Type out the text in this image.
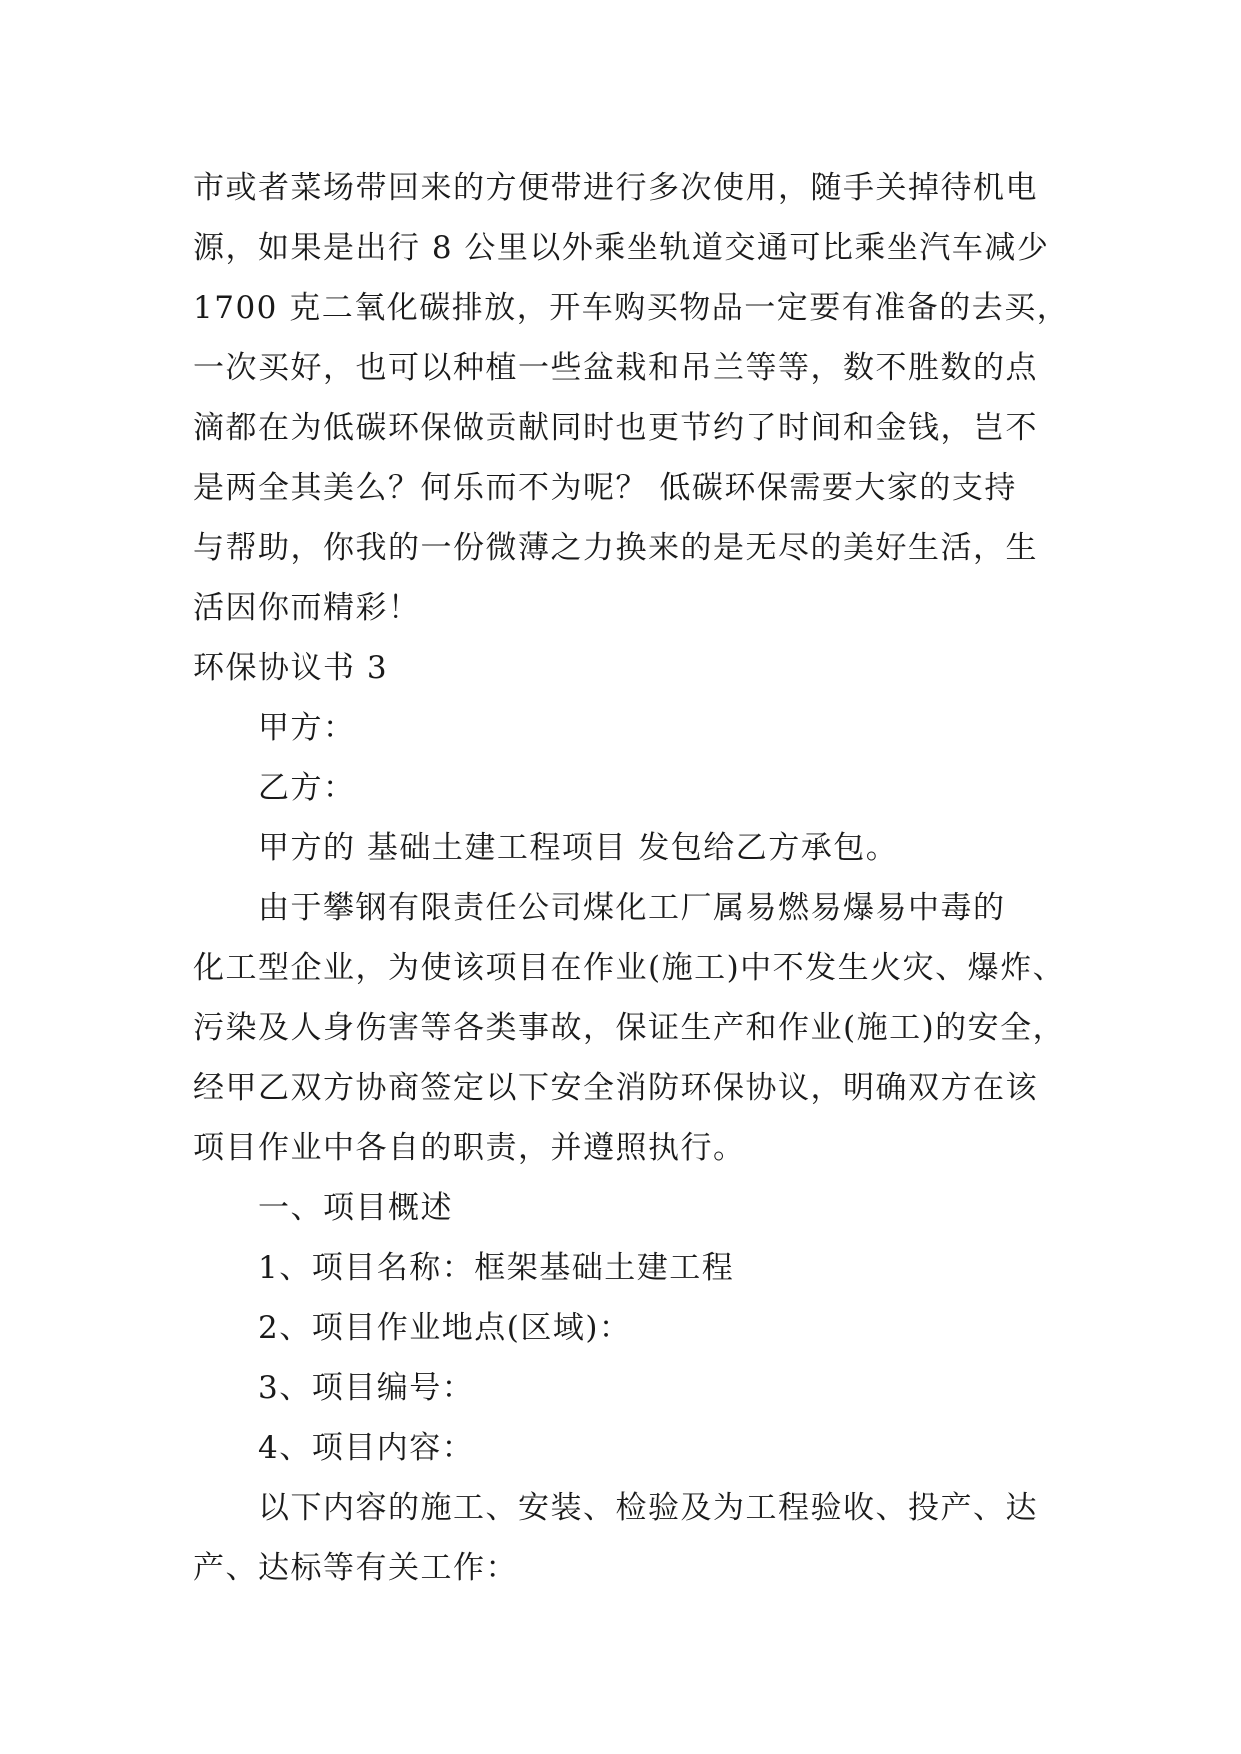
市或者菜场带回来的方便带进行多次使用，随手关掉待机电
源，如果是出行 8 公里以外乘坐轨道交通可比乘坐汽车减少
1700 克二氧化碳排放，开车购买物品一定要有准备的去买，
一次买好，也可以种植一些盆栽和吊兰等等，数不胜数的点
滴都在为低碳环保做贡献同时也更节约了时间和金钱，岂不
是两全其美么？何乐而不为呢？ 低碳环保需要大家的支持
与帮助，你我的一份微薄之力换来的是无尽的美好生活，生
活因你而精彩！
环保协议书 3
甲方：
乙方：
甲方的 基础土建工程项目 发包给乙方承包。
由于攀钢有限责任公司煤化工厂属易燃易爆易中毒的
化工型企业，为使该项目在作业(施工)中不发生火灾、爆炸、
污染及人身伤害等各类事故，保证生产和作业(施工)的安全，
经甲乙双方协商签定以下安全消防环保协议，明确双方在该
项目作业中各自的职责，并遵照执行。
一、项目概述
1、项目名称：框架基础土建工程
2、项目作业地点(区域)：
3、项目编号：
4、项目内容：
以下内容的施工、安装、检验及为工程验收、投产、达
产、达标等有关工作：
